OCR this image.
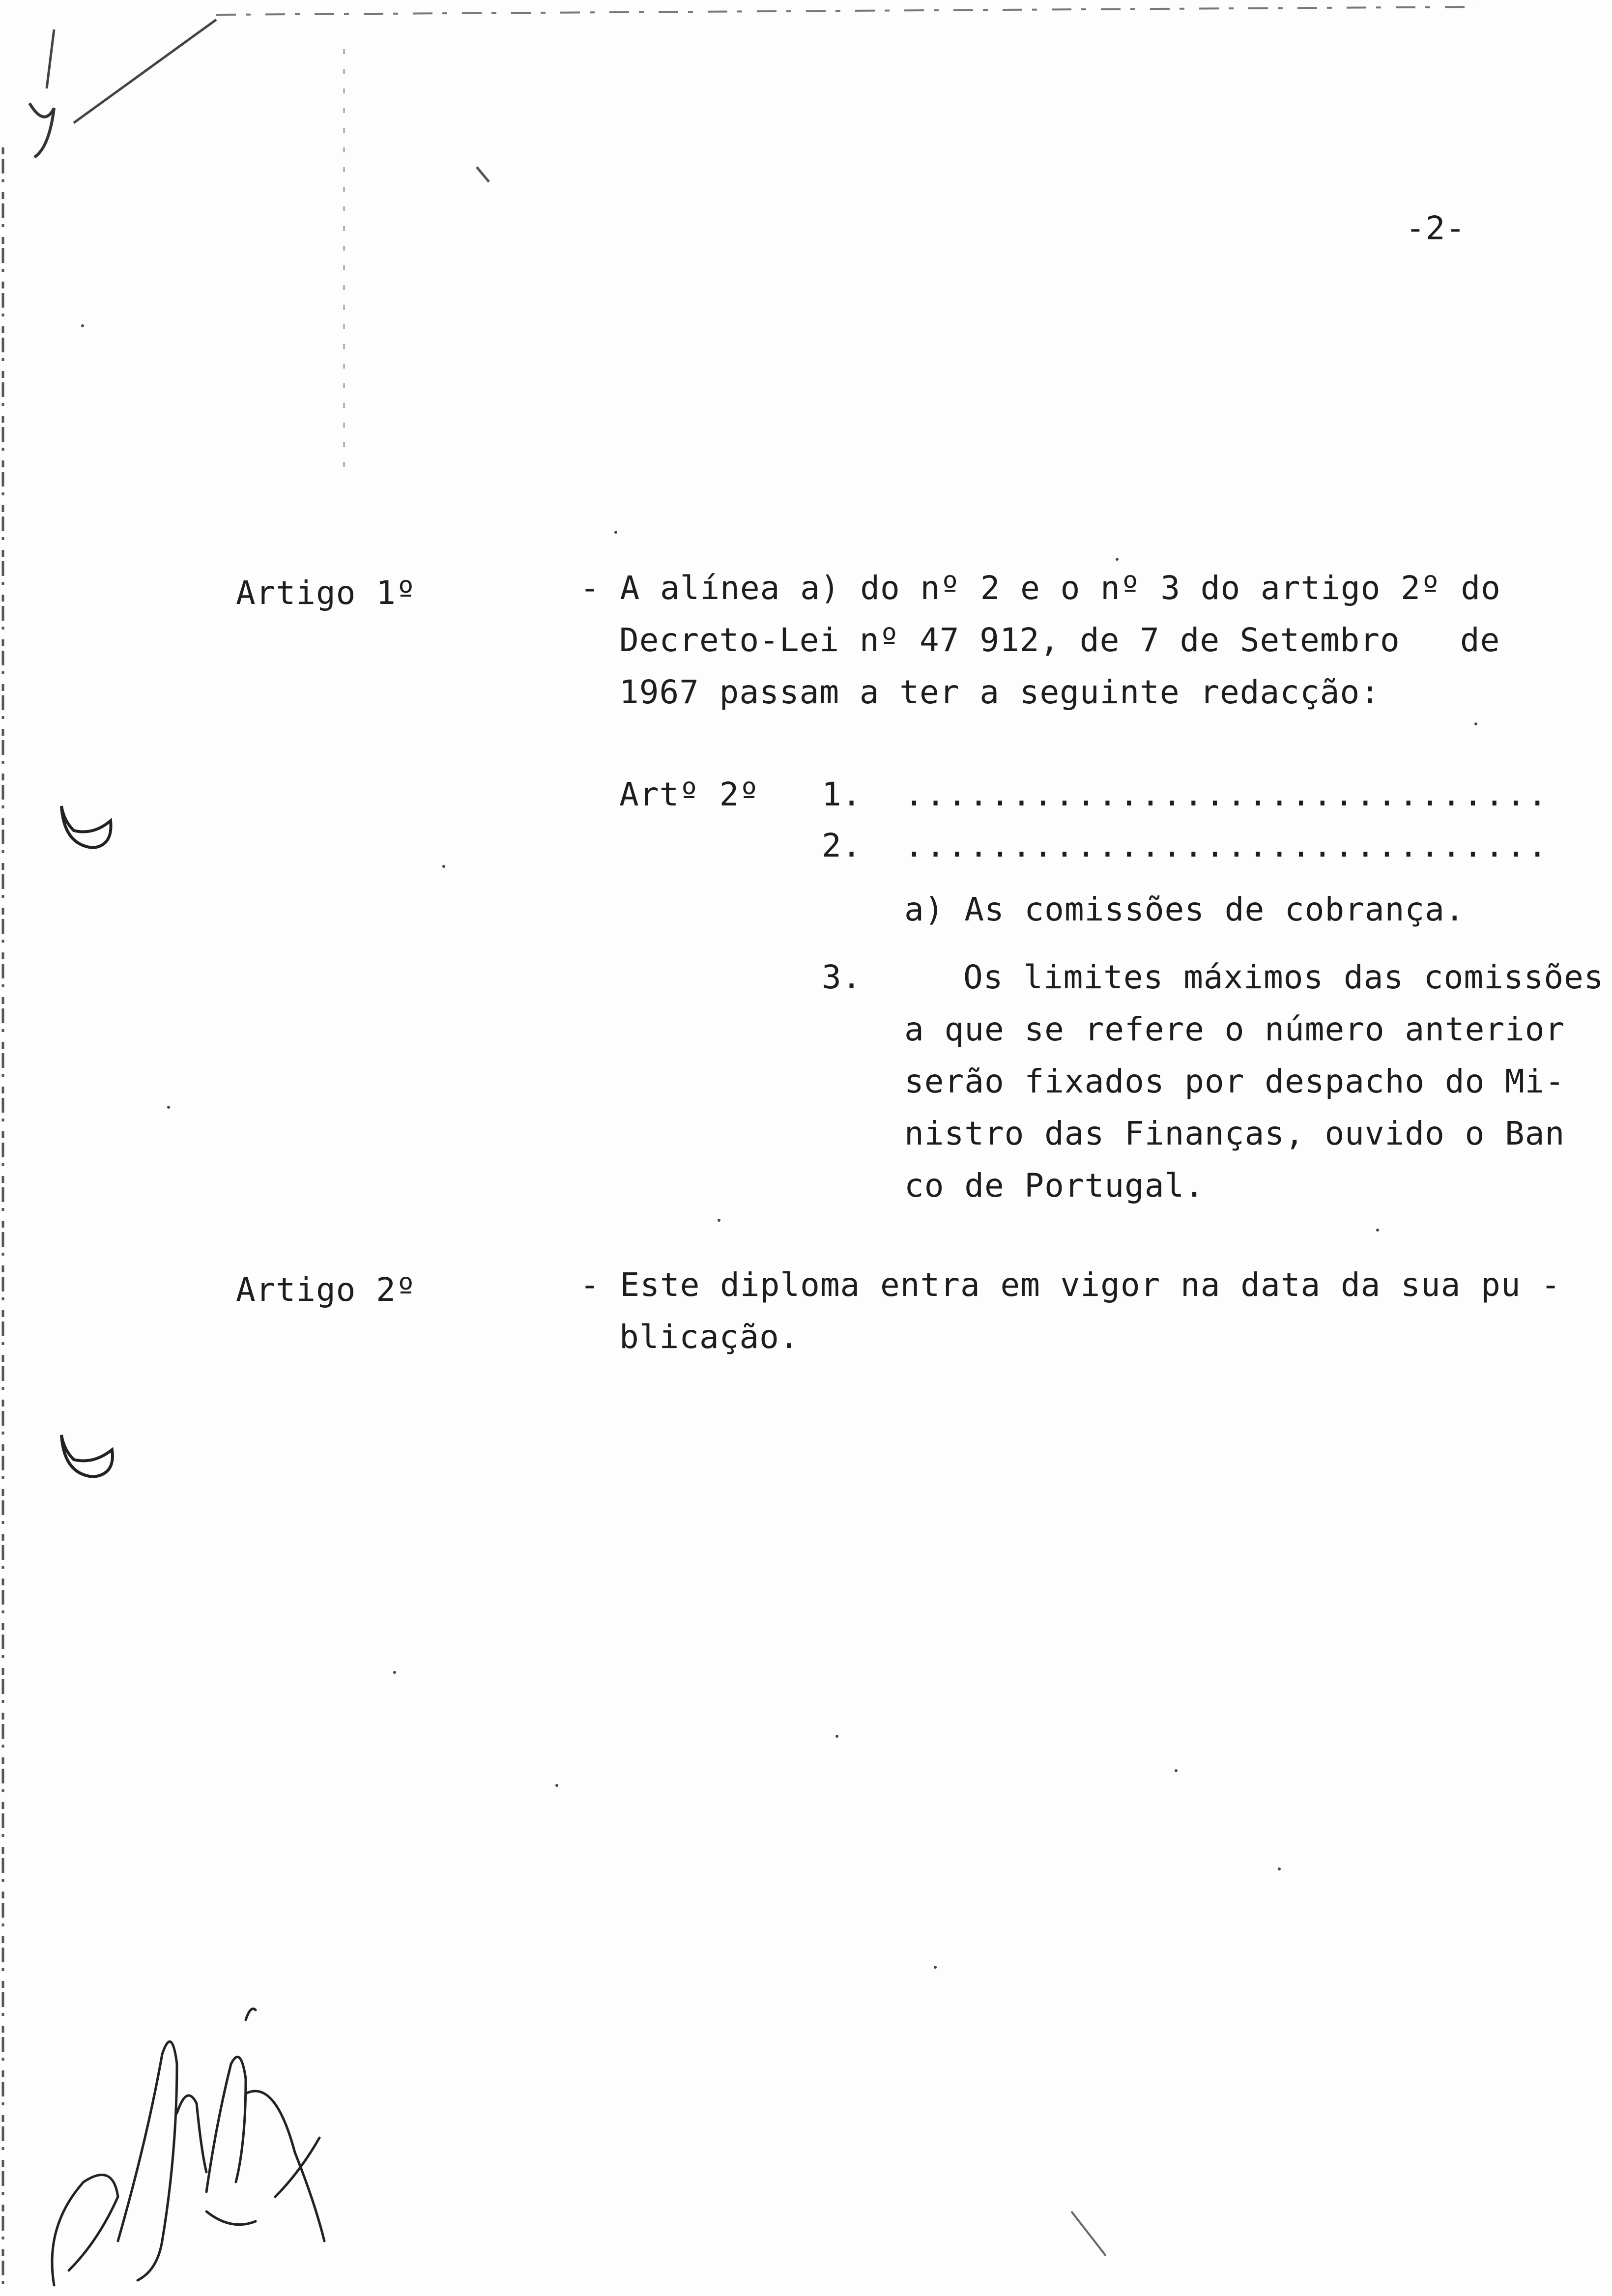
-2-
Artigo 1º	- A alínea a) do nº 2 e o nº 3 do artigo 2º do
Decreto-Lei nº 47 912, de 7 de Setembro   de
1967 passam a ter a seguinte redacção:
Artº 2º 1. ..............................
2. ..............................
a) As comissões de cobrança.
3.	Os limites máximos das comissões
a que se refere o número anterior
serão fixados por despacho do Mi-
nistro das Finanças, ouvido o Ban
co de Portugal.
Artigo 2º	- Este diploma entra em vigor na data da sua pu -
blicação.
